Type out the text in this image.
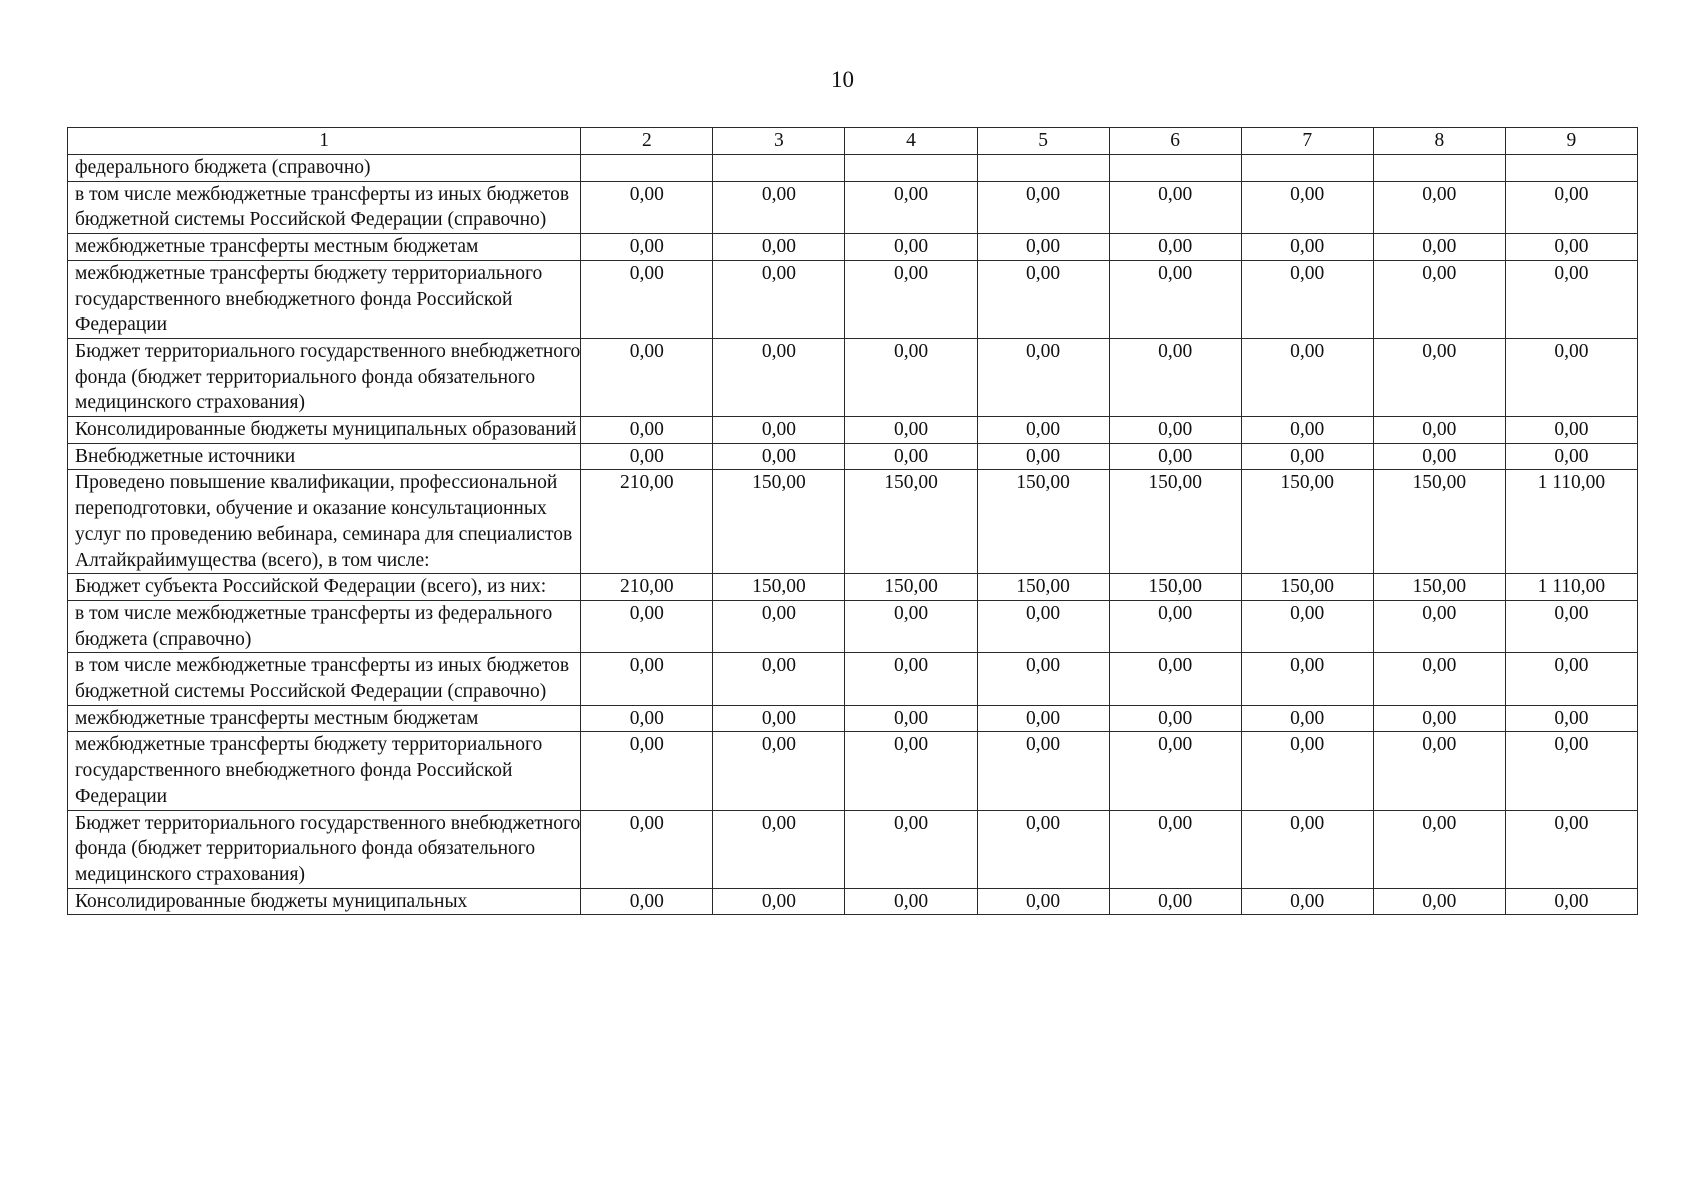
10
1	2	3	4	5	6	7	8	9
федерального бюджета (справочно)								
в том числе межбюджетные трансферты из иных бюджетов бюджетной системы Российской Федерации (справочно)	0,00	0,00	0,00	0,00	0,00	0,00	0,00	0,00
межбюджетные трансферты местным бюджетам	0,00	0,00	0,00	0,00	0,00	0,00	0,00	0,00
межбюджетные трансферты бюджету территориального государственного внебюджетного фонда Российской Федерации	0,00	0,00	0,00	0,00	0,00	0,00	0,00	0,00
Бюджет территориального государственного внебюджетного фонда (бюджет территориального фонда обязательного медицинского страхования)	0,00	0,00	0,00	0,00	0,00	0,00	0,00	0,00
Консолидированные бюджеты муниципальных образований	0,00	0,00	0,00	0,00	0,00	0,00	0,00	0,00
Внебюджетные источники	0,00	0,00	0,00	0,00	0,00	0,00	0,00	0,00
Проведено повышение квалификации, профессиональной переподготовки, обучение и оказание консультационных услуг по проведению вебинара, семинара для специалистов Алтайкрайимущества (всего), в том числе:	210,00	150,00	150,00	150,00	150,00	150,00	150,00	1 110,00
Бюджет субъекта Российской Федерации (всего), из них:	210,00	150,00	150,00	150,00	150,00	150,00	150,00	1 110,00
в том числе межбюджетные трансферты из федерального бюджета (справочно)	0,00	0,00	0,00	0,00	0,00	0,00	0,00	0,00
в том числе межбюджетные трансферты из иных бюджетов бюджетной системы Российской Федерации (справочно)	0,00	0,00	0,00	0,00	0,00	0,00	0,00	0,00
межбюджетные трансферты местным бюджетам	0,00	0,00	0,00	0,00	0,00	0,00	0,00	0,00
межбюджетные трансферты бюджету территориального государственного внебюджетного фонда Российской Федерации	0,00	0,00	0,00	0,00	0,00	0,00	0,00	0,00
Бюджет территориального государственного внебюджетного фонда (бюджет территориального фонда обязательного медицинского страхования)	0,00	0,00	0,00	0,00	0,00	0,00	0,00	0,00
Консолидированные бюджеты муниципальных	0,00	0,00	0,00	0,00	0,00	0,00	0,00	0,00
